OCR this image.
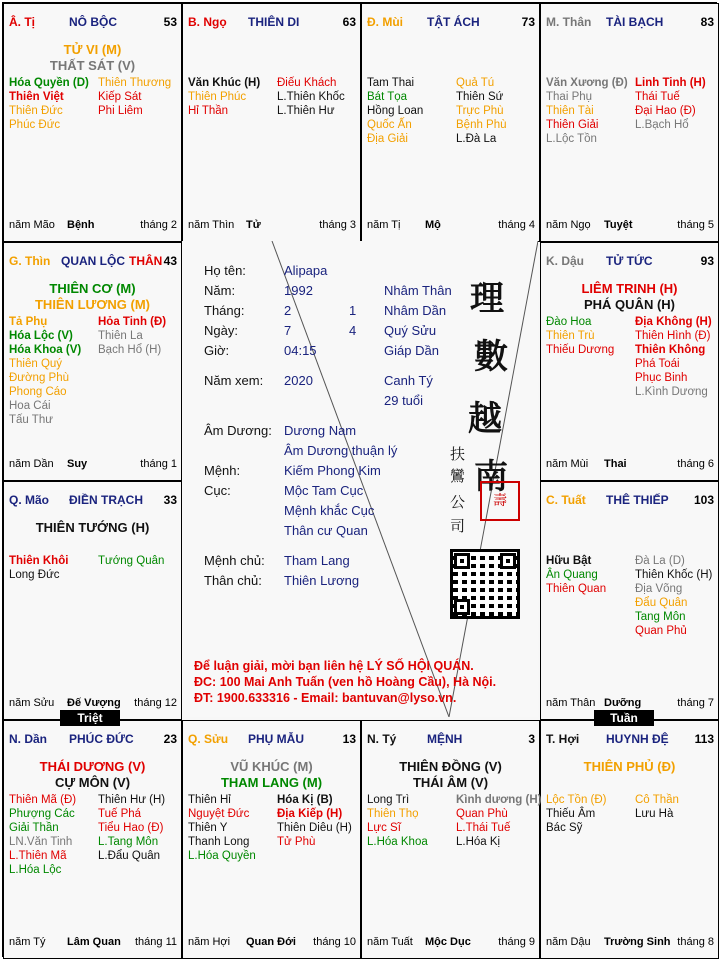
Â. Tị	NÔ BỘC	53
TỬ VI (M)
THẤT SÁT (V)
Hóa Quyền (D)
Thiên Việt
Thiên Đức
Phúc Đức
Thiên Thương
Kiếp Sát
Phi Liêm
năm Mão Bệnh	tháng 2
B. Ngọ THIÊN DI	63
Văn Khúc (H)
Thiên Phúc
Hỉ Thần
Điếu Khách
L.Thiên Khốc
L.Thiên Hư
năm Thìn Tử	tháng 3
Đ. Mùi TẬT ÁCH	73
Tam Thai
Bát Tọa
Hồng Loan
Quốc Ấn
Địa Giải
Quả Tú
Thiên Sứ
Trực Phù
Bệnh Phù
L.Đà La
năm Tị Mộ	tháng 4
M. Thân TÀI BẠCH	83
Văn Xương (Đ)
Thai Phụ
Thiên Tài
Thiên Giải
L.Lộc Tồn
Linh Tinh (H)
Thái Tuế
Đại Hao (Đ)
L.Bạch Hổ
năm Ngọ Tuyệt	tháng 5
K. Dậu TỬ TỨC	93
LIÊM TRINH (H)
PHÁ QUÂN (H)
Đào Hoa
Thiên Trù
Thiếu Dương
Địa Không (H)
Thiên Hình (Đ)
Thiên Không
Phá Toái
Phục Binh
L.Kình Dương
năm Mùi Thai	tháng 6
C. Tuất THÊ THIẾP 103
Hữu Bật
Ân Quang
Thiên Quan
Đà La (D)
Thiên Khốc (H)
Địa Võng
Đẩu Quân
Tang Môn
Quan Phủ
năm Thân Dưỡng	tháng 7
T. Hợi HUYNH ĐỆ 113
THIÊN PHỦ (Đ)
Lộc Tồn (Đ)
Thiếu Âm
Bác Sỹ
Cô Thần
Lưu Hà
năm Dậu Trường Sinh tháng 8
N. Tý	MỆNH	3
THIÊN ĐỒNG (V)
THÁI ÂM (V)
Long Trì
Thiên Thọ
Lực Sĩ
L.Hóa Khoa
Kình dương (H)
Quan Phù
L.Thái Tuế
L.Hóa Kị
năm Tuất Mộc Dục tháng 9
Q. Sửu PHỤ MẪU	13
VŨ KHÚC (M)
THAM LANG (M)
Thiên Hỉ
Nguyệt Đức
Thiên Y
Thanh Long
L.Hóa Quyền
Hóa Kị (B)
Địa Kiếp (H)
Thiên Diêu (H)
Tử Phù
năm Hợi Quan Đới tháng 10
N. Dần PHÚC ĐỨC	23
THÁI DƯƠNG (V)
CỰ MÔN (V)
Thiên Mã (Đ)
Phượng Các
Giải Thần
LN.Văn Tinh
L.Thiên Mã
L.Hóa Lộc
Thiên Hư (H)
Tuế Phá
Tiểu Hao (Đ)
L.Tang Môn
L.Đẩu Quân
năm Tý Lâm Quan tháng 11
Q. Mão ĐIỀN TRẠCH 33
THIÊN TƯỚNG (H)
Thiên Khôi
Long Đức
Tướng Quân
năm Sửu Đế Vượng tháng 12
G. Thìn QUAN LỘC THÂN 43
THIÊN CƠ (M)
THIÊN LƯƠNG (M)
Tả Phụ
Hóa Lộc (V)
Hóa Khoa (V)
Thiên Quý
Đường Phù
Phong Cáo
Hoa Cái
Tấu Thư
Hỏa Tinh (Đ)
Thiên La
Bạch Hổ (H)
năm Dần Suy	tháng 1
Họ tên:	Alipapa
Năm:	1992	Nhâm Thân
Tháng:	2	1 Nhâm Dần
Ngày:	7	4 Quý Sửu
Giờ:	04:15	Giáp Dần
Năm xem: 2020	Canh Tý
29 tuổi
Âm Dương: Dương Nam
Âm Dương thuận lý
Mệnh:	Kiếm Phong Kim
Cục:	Mộc Tam Cục
Mệnh khắc Cục
Thân cư Quan
Mệnh chủ: Tham Lang
Thân chủ: Thiên Lương
理
數
越
南
扶
鸞
公
司
壽
Để luận giải, mời bạn liên hệ LÝ SỐ HỘI QUÁN.
ĐC: 100 Mai Anh Tuấn (ven hồ Hoàng Cầu), Hà Nội.
ĐT: 1900.633316 - Email: bantuvan@lyso.vn.
Triệt	Tuần
